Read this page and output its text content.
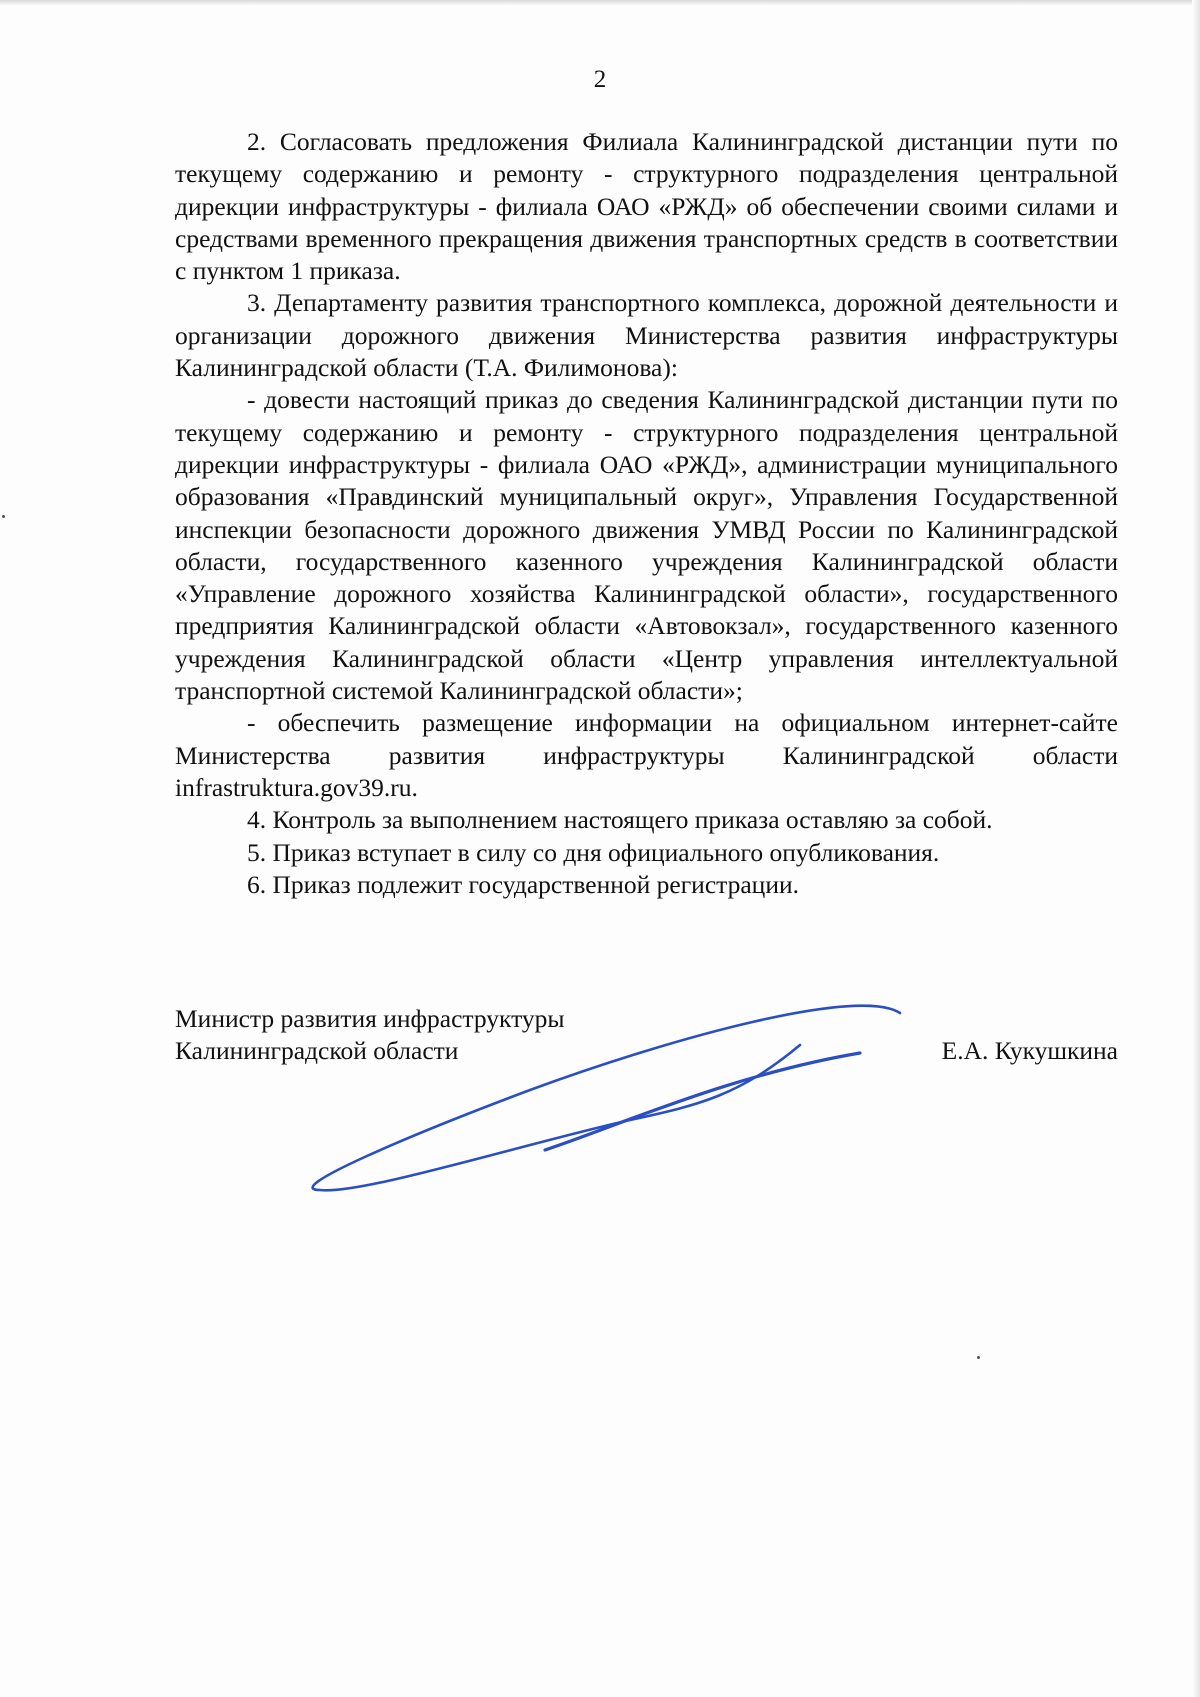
2

2. Согласовать предложения Филиала Калининградской дистанции пути по текущему содержанию и ремонту - структурного подразделения центральной дирекции инфраструктуры - филиала ОАО «РЖД» об обеспечении своими силами и средствами временного прекращения движения транспортных средств в соответствии с пунктом 1 приказа.

3. Департаменту развития транспортного комплекса, дорожной деятельности и организации дорожного движения Министерства развития инфраструктуры Калининградской области (Т.А. Филимонова):

- довести настоящий приказ до сведения Калининградской дистанции пути по текущему содержанию и ремонту - структурного подразделения центральной дирекции инфраструктуры - филиала ОАО «РЖД», администрации муниципального образования «Правдинский муниципальный округ», Управления Государственной инспекции безопасности дорожного движения УМВД России по Калининградской области, государственного казенного учреждения Калининградской области «Управление дорожного хозяйства Калининградской области», государственного предприятия Калининградской области «Автовокзал», государственного казенного учреждения Калининградской области «Центр управления интеллектуальной транспортной системой Калининградской области»;

- обеспечить размещение информации на официальном интернет-сайте Министерства развития инфраструктуры Калининградской области infrastruktura.gov39.ru.

4. Контроль за выполнением настоящего приказа оставляю за собой.

5. Приказ вступает в силу со дня официального опубликования.

6. Приказ подлежит государственной регистрации.

Министр развития инфраструктуры

Калининградской области	Е.А. Кукушкина
